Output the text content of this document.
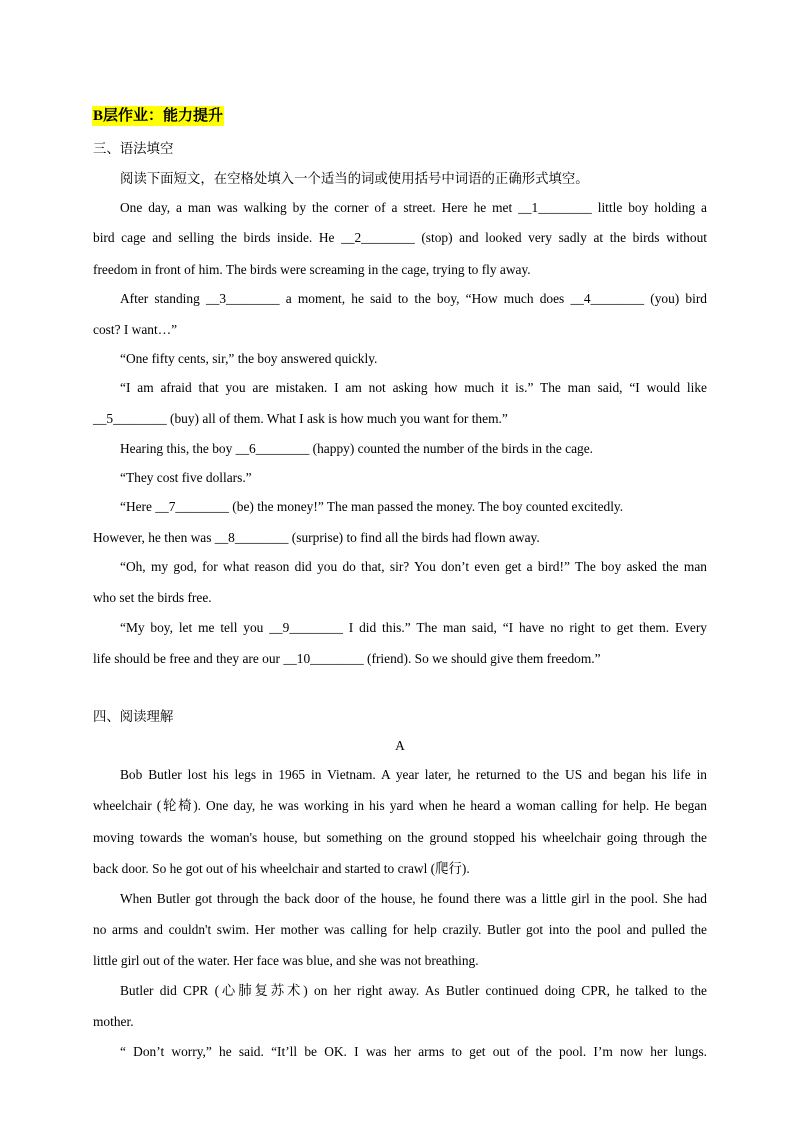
B层作业：能力提升
三、语法填空
阅读下面短文，在空格处填入一个适当的词或使用括号中词语的正确形式填空。
One day, a man was walking by the corner of a street. Here he met __1________ little boy holding a
bird cage and selling the birds inside. He __2________ (stop) and looked very sadly at the birds without
freedom in front of him. The birds were screaming in the cage, trying to fly away.
After standing __3________ a moment, he said to the boy, “How much does __4________ (you) bird
cost? I want…”
“One fifty cents, sir,” the boy answered quickly.
“I am afraid that you are mistaken. I am not asking how much it is.” The man said, “I would like
__5________ (buy) all of them. What I ask is how much you want for them.”
Hearing this, the boy __6________ (happy) counted the number of the birds in the cage.
“They cost five dollars.”
“Here __7________ (be) the money!” The man passed the money. The boy counted excitedly.
However, he then was __8________ (surprise) to find all the birds had flown away.
“Oh, my god, for what reason did you do that, sir? You don’t even get a bird!” The boy asked the man
who set the birds free.
“My boy, let me tell you __9________ I did this.” The man said, “I have no right to get them. Every
life should be free and they are our __10________ (friend). So we should give them freedom.”
四、阅读理解
A
Bob Butler lost his legs in 1965 in Vietnam. A year later, he returned to the US and began his life in
wheelchair (轮椅). One day, he was working in his yard when he heard a woman calling for help. He began
moving towards the woman's house, but something on the ground stopped his wheelchair going through the
back door. So he got out of his wheelchair and started to crawl (爬行).
When Butler got through the back door of the house, he found there was a little girl in the pool. She had
no arms and couldn't swim. Her mother was calling for help crazily. Butler got into the pool and pulled the
little girl out of the water. Her face was blue, and she was not breathing.
Butler did CPR (心肺复苏术) on her right away. As Butler continued doing CPR, he talked to the
mother.
“ Don’t worry,” he said. “It’ll be OK. I was her arms to get out of the pool. I’m now her lungs.
